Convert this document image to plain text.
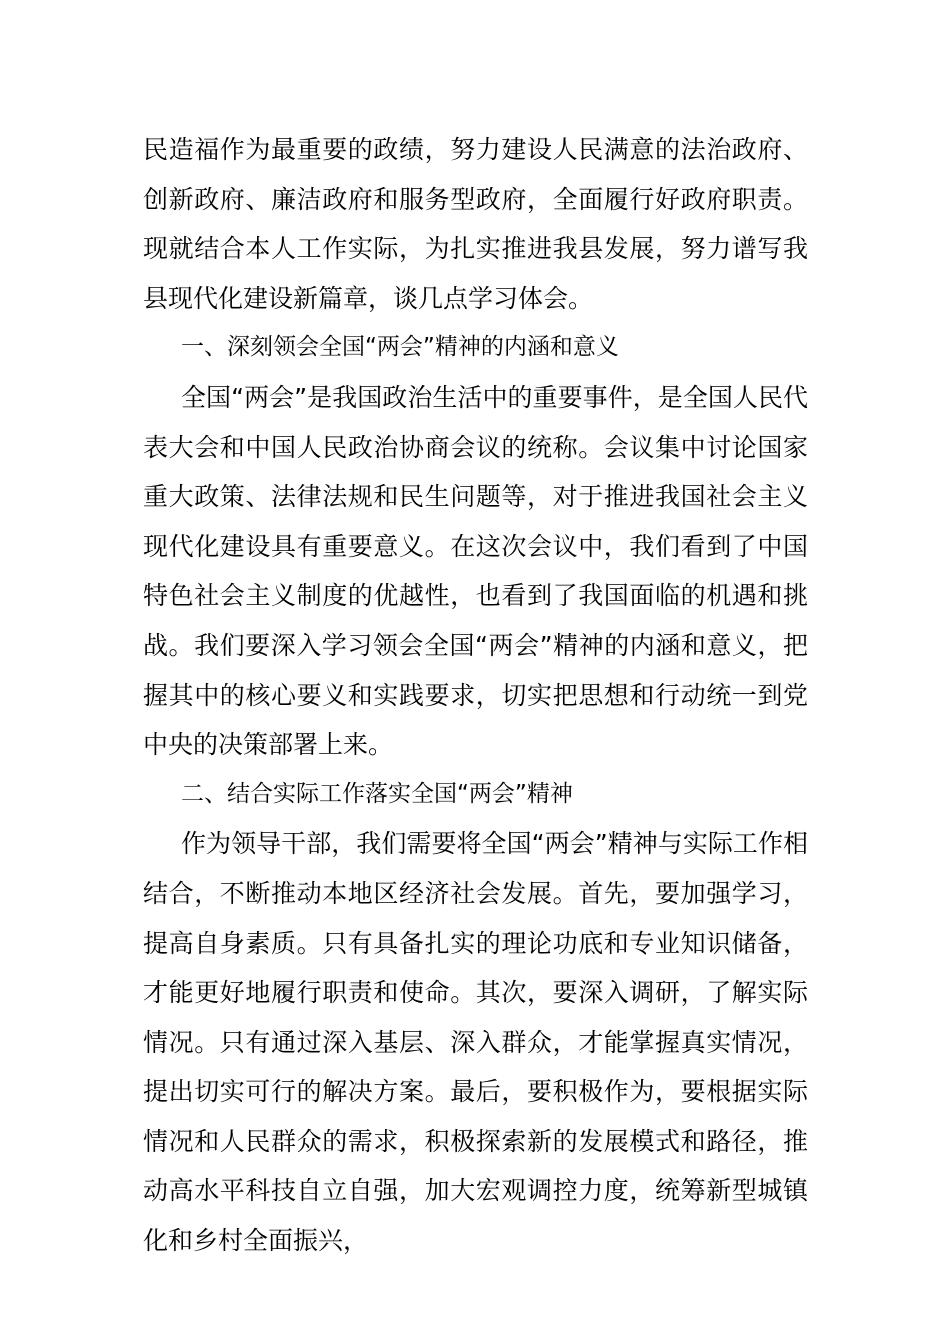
民造福作为最重要的政绩，努力建设人民满意的法治政府、创新政府、廉洁政府和服务型政府，全面履行好政府职责。现就结合本人工作实际，为扎实推进我县发展，努力谱写我县现代化建设新篇章，谈几点学习体会。

一、深刻领会全国“两会”精神的内涵和意义

全国“两会”是我国政治生活中的重要事件，是全国人民代表大会和中国人民政治协商会议的统称。会议集中讨论国家重大政策、法律法规和民生问题等，对于推进我国社会主义现代化建设具有重要意义。在这次会议中，我们看到了中国特色社会主义制度的优越性，也看到了我国面临的机遇和挑战。我们要深入学习领会全国“两会”精神的内涵和意义，把握其中的核心要义和实践要求，切实把思想和行动统一到党中央的决策部署上来。

二、结合实际工作落实全国“两会”精神

作为领导干部，我们需要将全国“两会”精神与实际工作相结合，不断推动本地区经济社会发展。首先，要加强学习，提高自身素质。只有具备扎实的理论功底和专业知识储备，才能更好地履行职责和使命。其次，要深入调研，了解实际情况。只有通过深入基层、深入群众，才能掌握真实情况，提出切实可行的解决方案。最后，要积极作为，要根据实际情况和人民群众的需求，积极探索新的发展模式和路径，推动高水平科技自立自强，加大宏观调控力度，统筹新型城镇化和乡村全面振兴，
